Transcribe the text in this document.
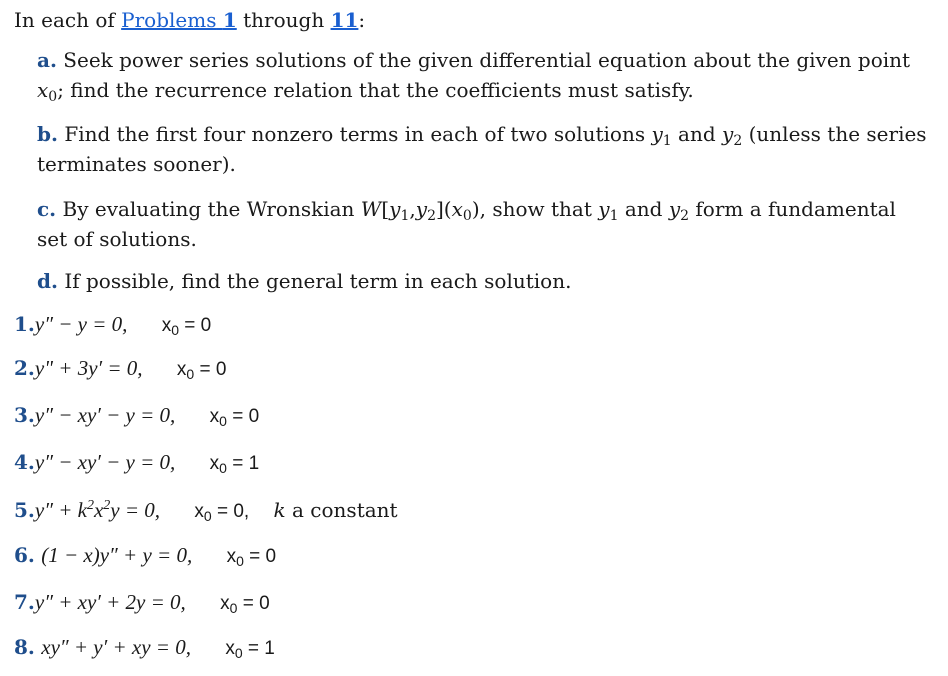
In each of Problems 1 through 11:
a. Seek power series solutions of the given differential equation about the given point $x_0$; find the recurrence relation that the coefficients must satisfy.
b. Find the first four nonzero terms in each of two solutions $y_1$ and $y_2$ (unless the series terminates sooner).
c. By evaluating the Wronskian $W[y_1,y_2](x_0)$, show that $y_1$ and $y_2$ form a fundamental set of solutions.
d. If possible, find the general term in each solution.
1.y″ − y = 0, $x_0 = 0$
2.y" + 3y′ = 0, $x_0 = 0$
3.y″ − xy′ − y = 0, $x_0 = 0$
4.y″ − xy′ − y = 0, $x_0 = 1$
$5.y'' + k^2x^2y = 0$, $x_0 = 0$, k a constant
6. (1 − x)y″ + y = 0, $x_0 = 0$
7.y″ + xy′ + 2y = 0, $x_0 = 0$
8. xy″ + y′ + xy = 0, $x_0 = 1$
